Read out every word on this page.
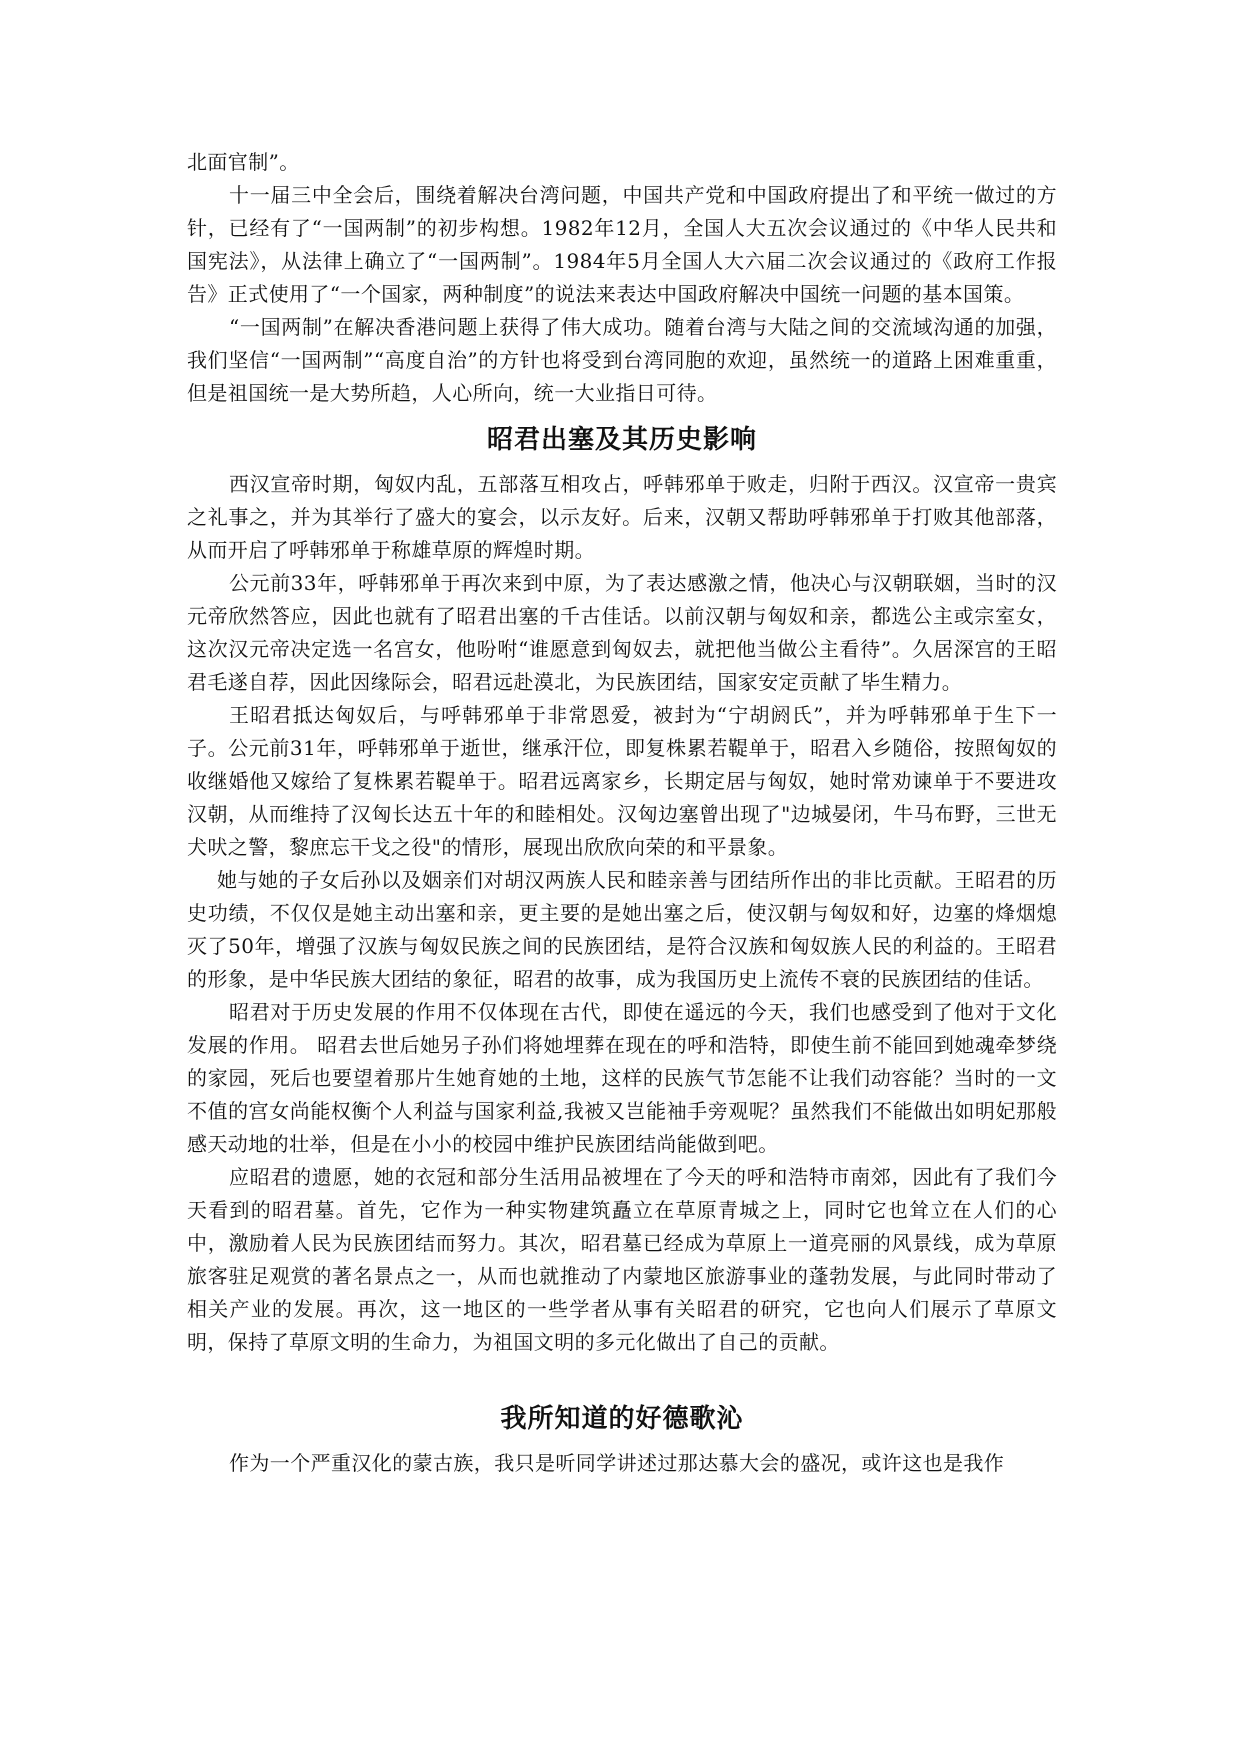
北面官制”。

十一届三中全会后，围绕着解决台湾问题，中国共产党和中国政府提出了和平统一做过的方针，已经有了“一国两制”的初步构想。1982年12月，全国人大五次会议通过的《中华人民共和国宪法》，从法律上确立了“一国两制”。1984年5月全国人大六届二次会议通过的《政府工作报告》正式使用了“一个国家，两种制度”的说法来表达中国政府解决中国统一问题的基本国策。

“一国两制”在解决香港问题上获得了伟大成功。随着台湾与大陆之间的交流域沟通的加强，我们坚信“一国两制”“高度自治”的方针也将受到台湾同胞的欢迎，虽然统一的道路上困难重重，但是祖国统一是大势所趋，人心所向，统一大业指日可待。

昭君出塞及其历史影响

西汉宣帝时期，匈奴内乱，五部落互相攻占，呼韩邪单于败走，归附于西汉。汉宣帝一贵宾之礼事之，并为其举行了盛大的宴会，以示友好。后来，汉朝又帮助呼韩邪单于打败其他部落，从而开启了呼韩邪单于称雄草原的辉煌时期。

公元前33年，呼韩邪单于再次来到中原，为了表达感激之情，他决心与汉朝联姻，当时的汉元帝欣然答应，因此也就有了昭君出塞的千古佳话。以前汉朝与匈奴和亲，都选公主或宗室女，这次汉元帝决定选一名宫女，他吩咐“谁愿意到匈奴去，就把他当做公主看待”。久居深宫的王昭君毛遂自荐，因此因缘际会，昭君远赴漠北，为民族团结，国家安定贡献了毕生精力。

王昭君抵达匈奴后，与呼韩邪单于非常恩爱，被封为“宁胡阏氏”，并为呼韩邪单于生下一子。公元前31年，呼韩邪单于逝世，继承汗位，即复株累若鞮单于，昭君入乡随俗，按照匈奴的收继婚他又嫁给了复株累若鞮单于。昭君远离家乡，长期定居与匈奴，她时常劝谏单于不要进攻汉朝，从而维持了汉匈长达五十年的和睦相处。汉匈边塞曾出现了"边城晏闭，牛马布野，三世无犬吠之警，黎庶忘干戈之役"的情形，展现出欣欣向荣的和平景象。

她与她的子女后孙以及姻亲们对胡汉两族人民和睦亲善与团结所作出的非比贡献。王昭君的历史功绩，不仅仅是她主动出塞和亲，更主要的是她出塞之后，使汉朝与匈奴和好，边塞的烽烟熄灭了50年，增强了汉族与匈奴民族之间的民族团结，是符合汉族和匈奴族人民的利益的。王昭君的形象，是中华民族大团结的象征，昭君的故事，成为我国历史上流传不衰的民族团结的佳话。

昭君对于历史发展的作用不仅体现在古代，即使在遥远的今天，我们也感受到了他对于文化发展的作用。 昭君去世后她另子孙们将她埋葬在现在的呼和浩特，即使生前不能回到她魂牵梦绕的家园，死后也要望着那片生她育她的土地，这样的民族气节怎能不让我们动容能？当时的一文不值的宫女尚能权衡个人利益与国家利益,我被又岂能袖手旁观呢？虽然我们不能做出如明妃那般感天动地的壮举，但是在小小的校园中维护民族团结尚能做到吧。

应昭君的遗愿，她的衣冠和部分生活用品被埋在了今天的呼和浩特市南郊，因此有了我们今天看到的昭君墓。首先，它作为一种实物建筑矗立在草原青城之上，同时它也耸立在人们的心中，激励着人民为民族团结而努力。其次，昭君墓已经成为草原上一道亮丽的风景线，成为草原旅客驻足观赏的著名景点之一，从而也就推动了内蒙地区旅游事业的蓬勃发展，与此同时带动了相关产业的发展。再次，这一地区的一些学者从事有关昭君的研究，它也向人们展示了草原文明，保持了草原文明的生命力，为祖国文明的多元化做出了自己的贡献。

我所知道的好德歌沁

作为一个严重汉化的蒙古族，我只是听同学讲述过那达慕大会的盛况，或许这也是我作
